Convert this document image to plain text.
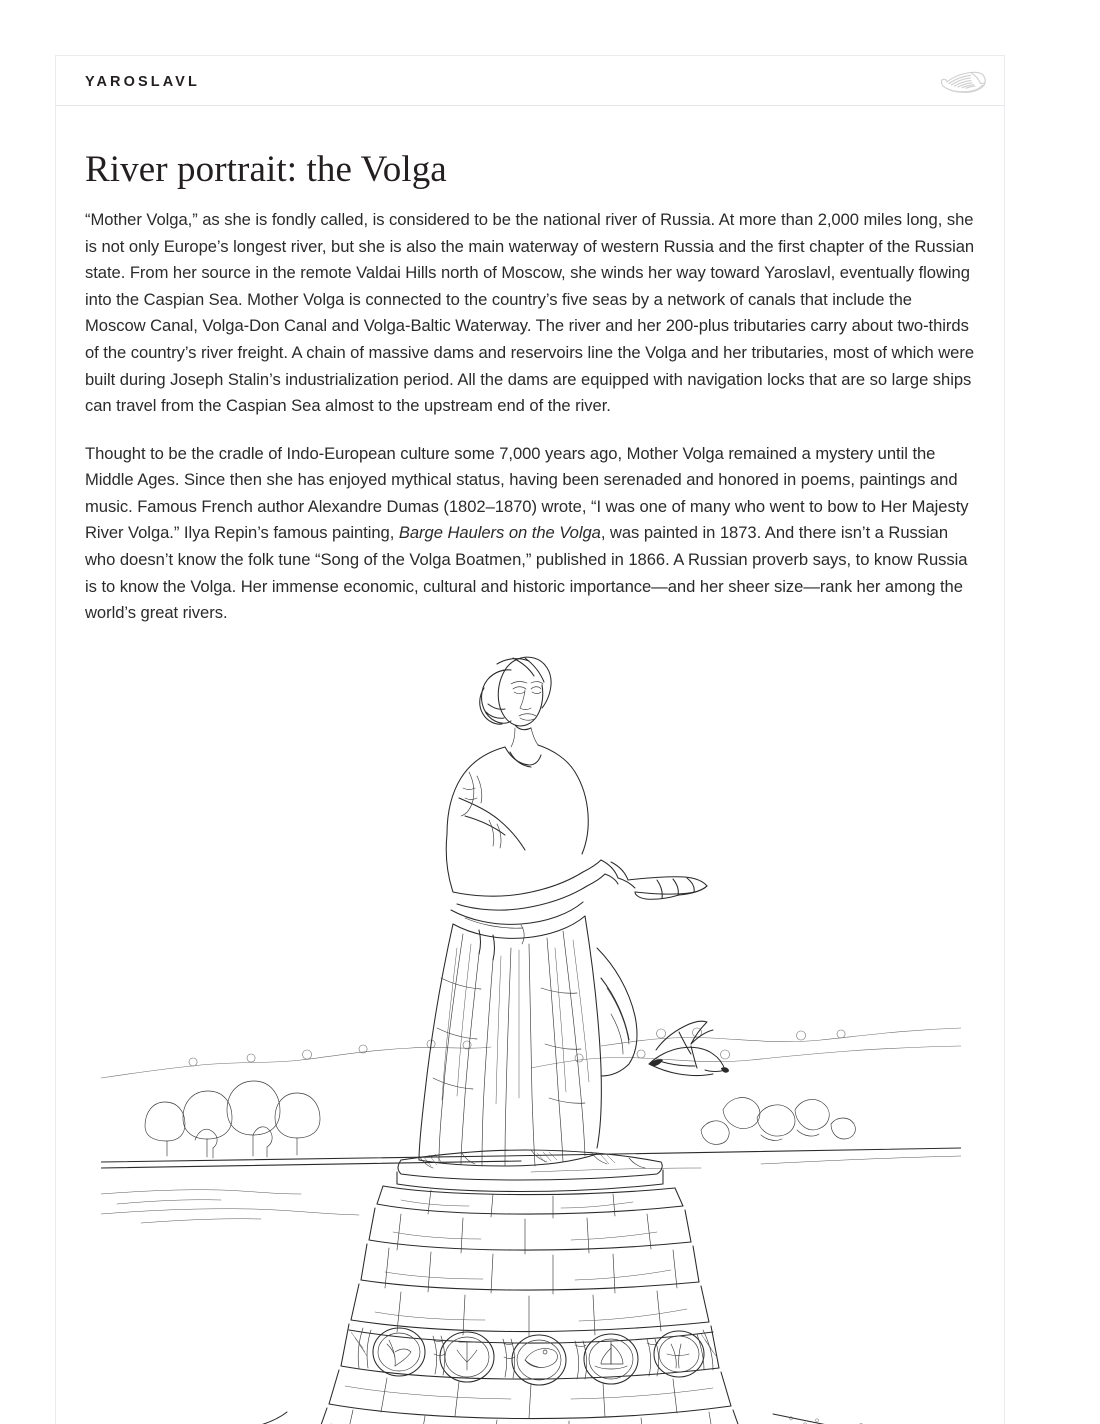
YAROSLAVL
River portrait: the Volga

“Mother Volga,” as she is fondly called, is considered to be the national river of Russia. At more than 2,000 miles long, she is not only Europe’s longest river, but she is also the main waterway of western Russia and the first chapter of the Russian state. From her source in the remote Valdai Hills north of Moscow, she winds her way toward Yaroslavl, eventually flowing into the Caspian Sea. Mother Volga is connected to the country’s five seas by a network of canals that include the Moscow Canal, Volga-Don Canal and Volga-Baltic Waterway. The river and her 200-plus tributaries carry about two-thirds of the country’s river freight. A chain of massive dams and reservoirs line the Volga and her tributaries, most of which were built during Joseph Stalin’s industrialization period. All the dams are equipped with navigation locks that are so large ships can travel from the Caspian Sea almost to the upstream end of the river.

Thought to be the cradle of Indo-European culture some 7,000 years ago, Mother Volga remained a mystery until the Middle Ages. Since then she has enjoyed mythical status, having been serenaded and honored in poems, paintings and music. Famous French author Alexandre Dumas (1802–1870) wrote, “I was one of many who went to bow to Her Majesty River Volga.” Ilya Repin’s famous painting, Barge Haulers on the Volga, was painted in 1873. And there isn’t a Russian who doesn’t know the folk tune “Song of the Volga Boatmen,” published in 1866. A Russian proverb says, to know Russia is to know the Volga. Her immense economic, cultural and historic importance—and her sheer size—rank her among the world’s great rivers.
